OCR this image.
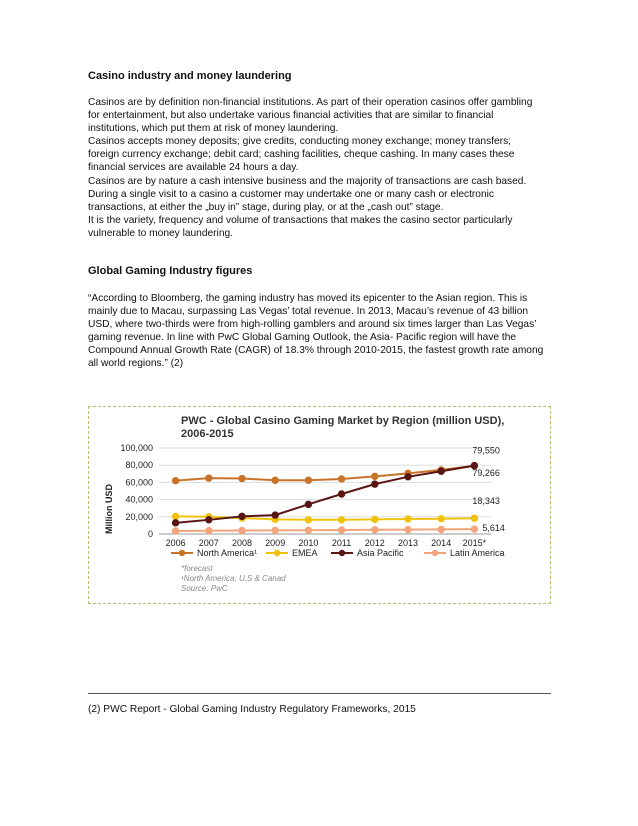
Casino industry and money laundering
Casinos are by definition non-financial institutions. As part of their operation casinos offer gambling
for entertainment, but also undertake various financial activities that are similar to financial
institutions, which put them at risk of money laundering.
Casinos accepts money deposits; give credits, conducting money exchange; money transfers;
foreign currency exchange; debit card; cashing facilities, cheque cashing. In many cases these
financial services are available 24 hours a day.
Casinos are by nature a cash intensive business and the majority of transactions are cash based.
During a single visit to a casino a customer may undertake one or many cash or electronic
transactions, at either the „buy in” stage, during play, or at the „cash out” stage.
It is the variety, frequency and volume of transactions that makes the casino sector particularly
vulnerable to money laundering.
Global Gaming Industry figures
“According to Bloomberg, the gaming industry has moved its epicenter to the Asian region. This is
mainly due to Macau, surpassing Las Vegas’ total revenue. In 2013, Macau’s revenue of 43 billion
USD, where two-thirds were from high-rolling gamblers and around six times larger than Las Vegas’
gaming revenue. In line with PwC Global Gaming Outlook, the Asia- Pacific region will have the
Compound Annual Growth Rate (CAGR) of 18.3% through 2010-2015, the fastest growth rate among
all world regions.” (2)
PWC - Global Casino Gaming Market by Region (million USD),
2006-2015
Million USD
100,000
80,000
60,000
40,000
20,000
0
2006 2007 2008 2009 2010 2011 2012 2013 2014 2015*
79,550
79,266
18,343
5,614
North America¹	EMEA	Asia Pacific	Latin America
*forecast
¹North America: U.S & Canad
Source: PwC
(2) PWC Report - Global Gaming Industry Regulatory Frameworks, 2015
